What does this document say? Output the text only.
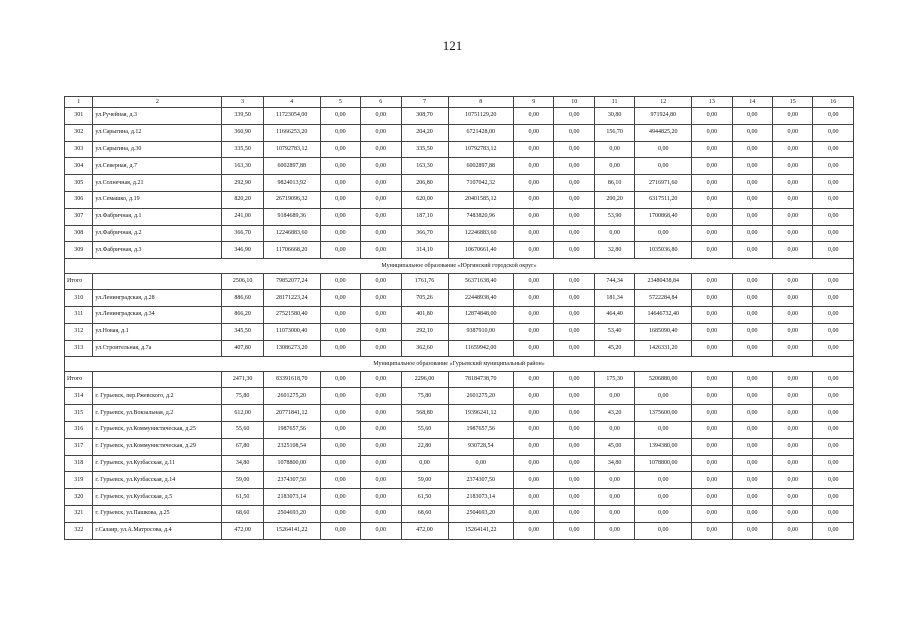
121
1	2	3	4	5	6	7	8	9	10	11	12	13	14	15	16
301	ул.Ручейная, д.3	339,50	11723054,00	0,00	0,00	308,70	10751129,20	0,00	0,00	30,80	971924,80	0,00	0,00	0,00	0,00
302	ул.Сарыгина, д.12	360,90	11666253,20	0,00	0,00	204,20	6721428,00	0,00	0,00	156,70	4944825,20	0,00	0,00	0,00	0,00
303	ул.Сарыгина, д.30	335,50	10792783,12	0,00	0,00	335,50	10792783,12	0,00	0,00	0,00	0,00	0,00	0,00	0,00	0,00
304	ул.Северная, д.7	163,30	6002897,88	0,00	0,00	163,30	6002897,88	0,00	0,00	0,00	0,00	0,00	0,00	0,00	0,00
305	ул.Солнечная, д.21	292,90	9824013,92	0,00	0,00	206,80	7107042,32	0,00	0,00	86,10	2716971,60	0,00	0,00	0,00	0,00
306	ул.Семашко, д.19	820,20	26719096,32	0,00	0,00	620,00	20401585,12	0,00	0,00	200,20	6317511,20	0,00	0,00	0,00	0,00
307	ул.Фабричная, д.1	241,00	9184689,36	0,00	0,00	187,10	7483820,96	0,00	0,00	53,90	1700868,40	0,00	0,00	0,00	0,00
308	ул.Фабричная, д.2	366,70	12246883,60	0,00	0,00	366,70	12246883,60	0,00	0,00	0,00	0,00	0,00	0,00	0,00	0,00
309	ул.Фабричная, д.3	346,90	11706668,20	0,00	0,00	314,10	10670661,40	0,00	0,00	32,80	1035036,80	0,00	0,00	0,00	0,00
Муниципальное образование «Юргинский городской округ»															
Итого		2506,10	79852077,24	0,00	0,00	1761,76	56371638,40	0,00	0,00	744,34	23480438,84	0,00	0,00	0,00	0,00
310	ул.Ленинградская, д.28	886,60	28171223,24	0,00	0,00	705,26	22448938,40	0,00	0,00	181,34	5722284,84	0,00	0,00	0,00	0,00
311	ул.Ленинградская, д.34	866,20	27521580,40	0,00	0,00	401,80	12874848,00	0,00	0,00	464,40	14646732,40	0,00	0,00	0,00	0,00
312	ул.Новая, д.1	345,50	11073000,40	0,00	0,00	292,10	9387910,00	0,00	0,00	53,40	1685090,40	0,00	0,00	0,00	0,00
313	ул.Строительная, д.7а	407,80	13086273,20	0,00	0,00	362,60	11659942,00	0,00	0,00	45,20	1426331,20	0,00	0,00	0,00	0,00
Муниципальное образование «Гурьевский муниципальный район»															
Итого		2471,30	83391618,70	0,00	0,00	2296,00	78184738,70	0,00	0,00	175,30	5206880,00	0,00	0,00	0,00	0,00
314	г. Гурьевск, пер.Ржевского, д.2	75,80	2601275,20	0,00	0,00	75,80	2601275,20	0,00	0,00	0,00	0,00	0,00	0,00	0,00	0,00
315	г. Гурьевск, ул.Вокзальная, д.2	612,00	20771841,12	0,00	0,00	568,80	19396241,12	0,00	0,00	43,20	1375600,00	0,00	0,00	0,00	0,00
316	г. Гурьевск, ул.Коммунистическая, д.25	55,60	1987657,56	0,00	0,00	55,60	1987657,56	0,00	0,00	0,00	0,00	0,00	0,00	0,00	0,00
317	г. Гурьевск, ул.Коммунистическая, д.29	67,80	2325108,54	0,00	0,00	22,80	930728,54	0,00	0,00	45,00	1394380,00	0,00	0,00	0,00	0,00
318	г. Гурьевск, ул.Кузбасская, д.11	34,80	1078800,00	0,00	0,00	0,00	0,00	0,00	0,00	34,80	1078800,00	0,00	0,00	0,00	0,00
319	г. Гурьевск, ул.Кузбасская, д.14	59,00	2374307,50	0,00	0,00	59,00	2374307,50	0,00	0,00	0,00	0,00	0,00	0,00	0,00	0,00
320	г. Гурьевск, ул.Кузбасская, д.5	61,50	2183073,14	0,00	0,00	61,50	2183073,14	0,00	0,00	0,00	0,00	0,00	0,00	0,00	0,00
321	г. Гурьевск, ул.Пашкова, д.25	68,60	2504693,20	0,00	0,00	68,60	2504693,20	0,00	0,00	0,00	0,00	0,00	0,00	0,00	0,00
322	г.Салаир, ул.А.Матросова, д.4	472,00	15264141,22	0,00	0,00	472,00	15264141,22	0,00	0,00	0,00	0,00	0,00	0,00	0,00	0,00
